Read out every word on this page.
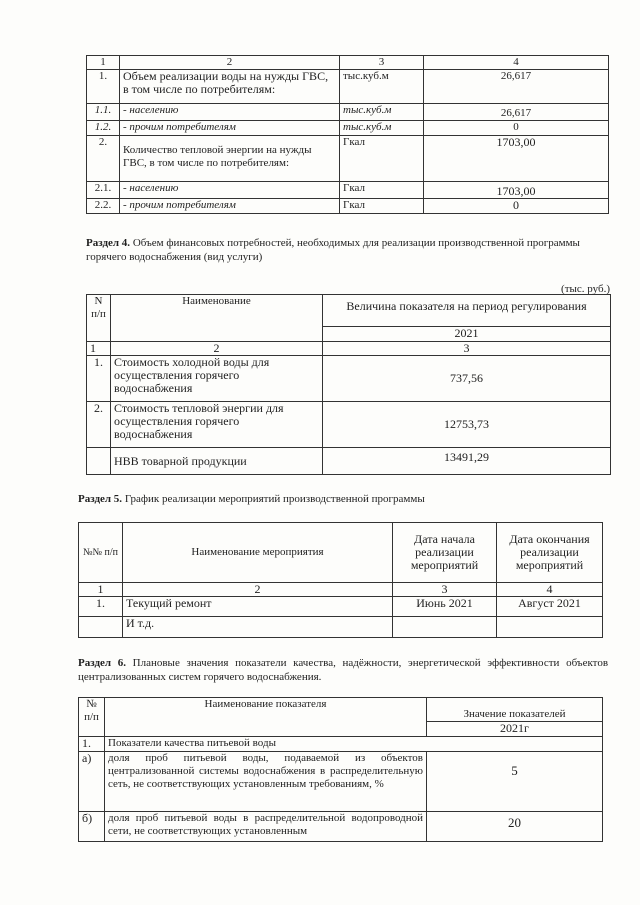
1	2	3	4
1.	Объем реализации воды на нужды ГВС, в том числе по потребителям:	тыс.куб.м	26,617
1.1.	- населению	тыс.куб.м	26,617
1.2.	- прочим потребителям	тыс.куб.м	0
2.	Количество тепловой энергии на нужды ГВС, в том числе по потребителям:	Гкал	1703,00
2.1.	- населению	Гкал	1703,00
2.2.	- прочим потребителям	Гкал	0
Раздел 4. Объем финансовых потребностей, необходимых для реализации производственной программы горячего водоснабжения (вид услуги)
(тыс. руб.)
N п/п	Наименование	Величина показателя на период регулирования
		2021
1	2	3
1.	Стоимость холодной воды для осуществления горячего водоснабжения	737,56
2.	Стоимость тепловой энергии для осуществления горячего водоснабжения	12753,73
	НВВ товарной продукции	13491,29
Раздел 5. График реализации мероприятий производственной программы
№№ п/п	Наименование мероприятия	Дата начала реализации мероприятий	Дата окончания реализации мероприятий
1	2	3	4
1.	Текущий ремонт	Июнь 2021	Август 2021
	И т.д.		
Раздел 6. Плановые значения показатели качества, надёжности, энергетической эффективности объектов централизованных систем горячего водоснабжения.
№ п/п	Наименование показателя	Значение показателей
		2021г
1.	Показатели качества питьевой воды	
а)	доля проб питьевой воды, подаваемой из объектов централизованной системы водоснабжения в распределительную сеть, не соответствующих установленным требованиям, %	5
б)	доля проб питьевой воды в распределительной водопроводной сети, не соответствующих установленным	20
